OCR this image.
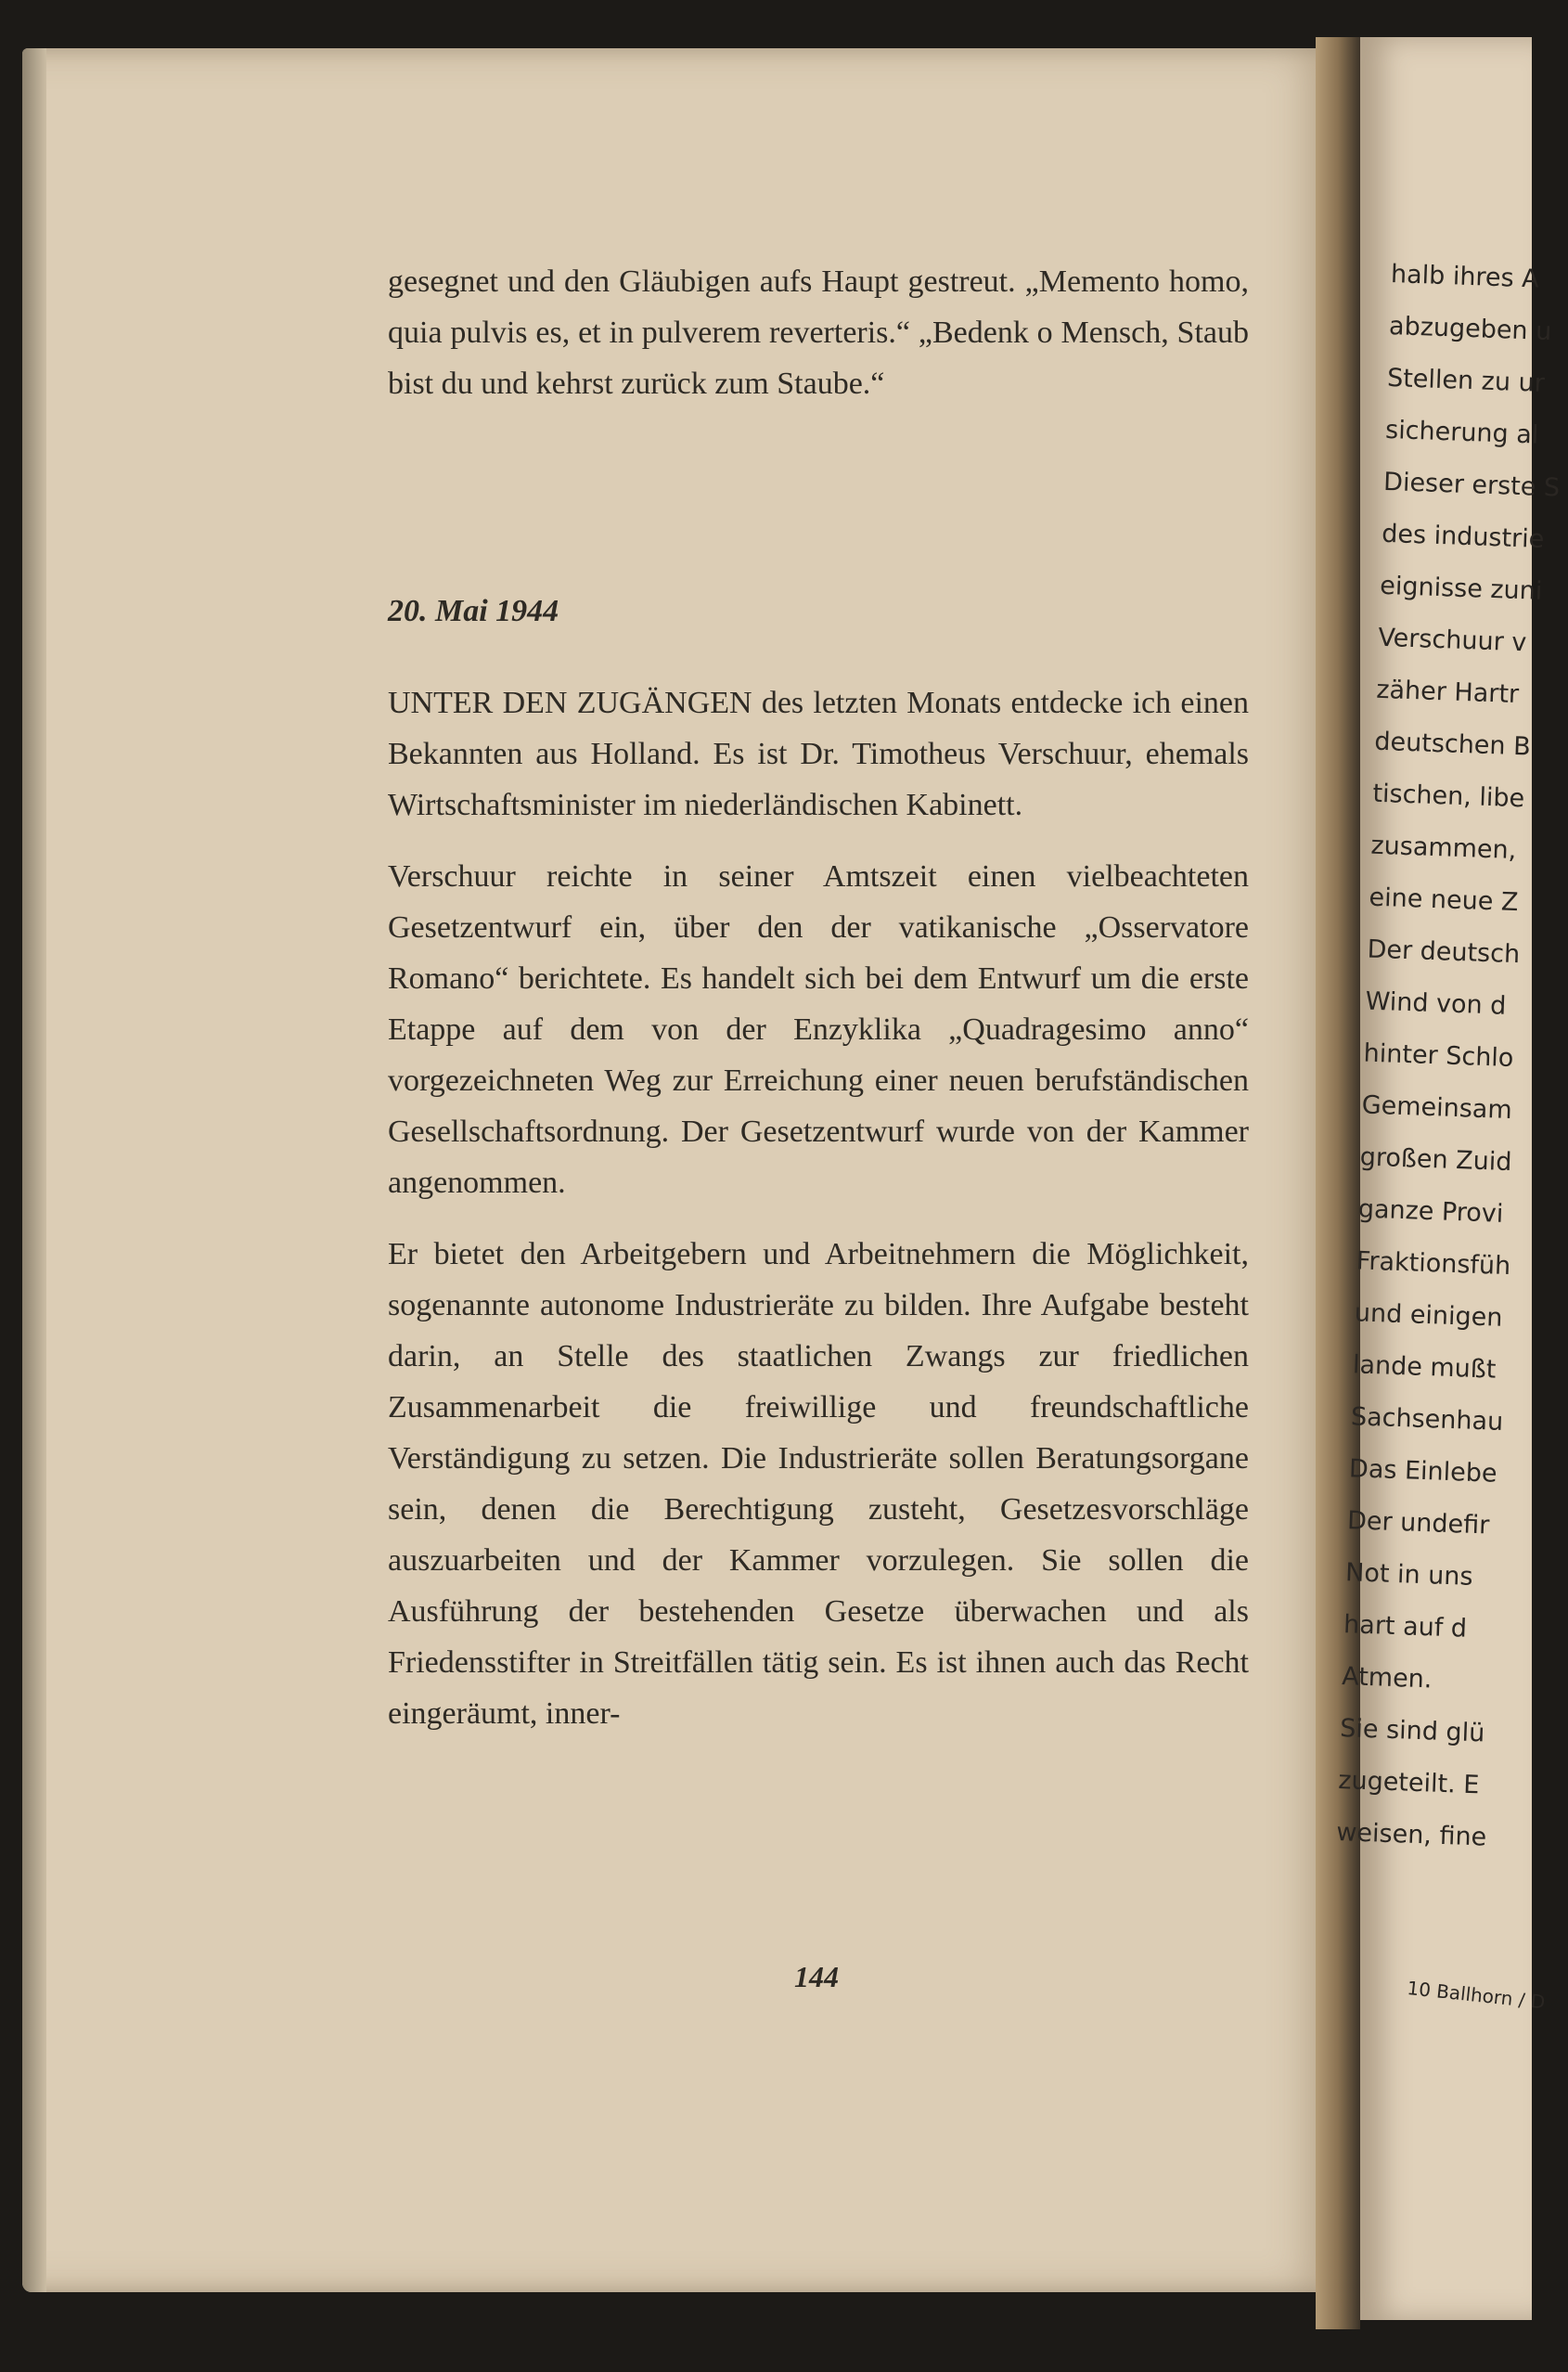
gesegnet und den Gläubigen aufs Haupt gestreut. „Memento homo, quia pulvis es, et in pulverem reverteris.“ „Bedenk o Mensch, Staub bist du und kehrst zurück zum Staube.“

20. Mai 1944

UNTER DEN ZUGÄNGEN des letzten Monats entdecke ich einen Bekannten aus Holland. Es ist Dr. Timotheus Verschuur, ehemals Wirtschaftsminister im niederländischen Kabinett.

Verschuur reichte in seiner Amtszeit einen vielbeachteten Gesetzentwurf ein, über den der vatikanische „Osservatore Romano“ berichtete. Es handelt sich bei dem Entwurf um die erste Etappe auf dem von der Enzyklika „Quadragesimo anno“ vorgezeichneten Weg zur Erreichung einer neuen berufständischen Gesellschaftsordnung. Der Gesetzentwurf wurde von der Kammer angenommen.

Er bietet den Arbeitgebern und Arbeitnehmern die Möglichkeit, sogenannte autonome Industrieräte zu bilden. Ihre Aufgabe besteht darin, an Stelle des staatlichen Zwangs zur friedlichen Zusammenarbeit die freiwillige und freundschaftliche Verständigung zu setzen. Die Industrieräte sollen Beratungsorgane sein, denen die Berechtigung zusteht, Gesetzesvorschläge auszuarbeiten und der Kammer vorzulegen. Sie sollen die Ausführung der bestehenden Gesetze überwachen und als Friedensstifter in Streitfällen tätig sein. Es ist ihnen auch das Recht eingeräumt, inner-

144
halb ihres A
abzugeben u
Stellen zu ur
sicherung al
Dieser erste S
des industrie
eignisse zuni
Verschuur v
zäher Hartr
deutschen B
tischen, libe
zusammen,
eine neue Z
Der deutsch
Wind von d
hinter Schlo
Gemeinsam
großen Zuid
ganze Provi
Fraktionsfüh
und einigen
lande mußt
Sachsenhau
Das Einlebe
Der undefir
Not in uns
hart auf d
Atmen.
Sie sind glü
zugeteilt. E
weisen, fine
10 Ballhorn / D
